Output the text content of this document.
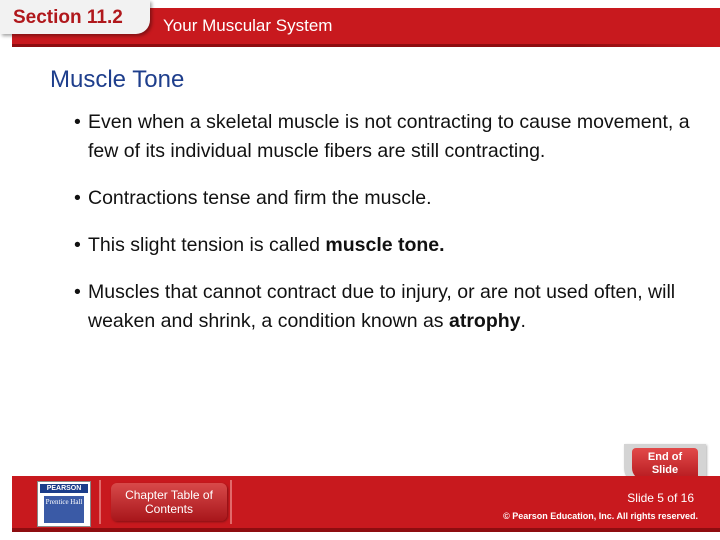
Section 11.2 Your Muscular System
Muscle Tone
• Even when a skeletal muscle is not contracting to cause movement, a few of its individual muscle fibers are still contracting.
• Contractions tense and firm the muscle.
• This slight tension is called muscle tone.
• Muscles that cannot contract due to injury, or are not used often, will weaken and shrink, a condition known as atrophy.
End of Slide
PEARSON
Prentice Hall	Chapter Table of Contents
Slide 5 of 16
© Pearson Education, Inc. All rights reserved.
